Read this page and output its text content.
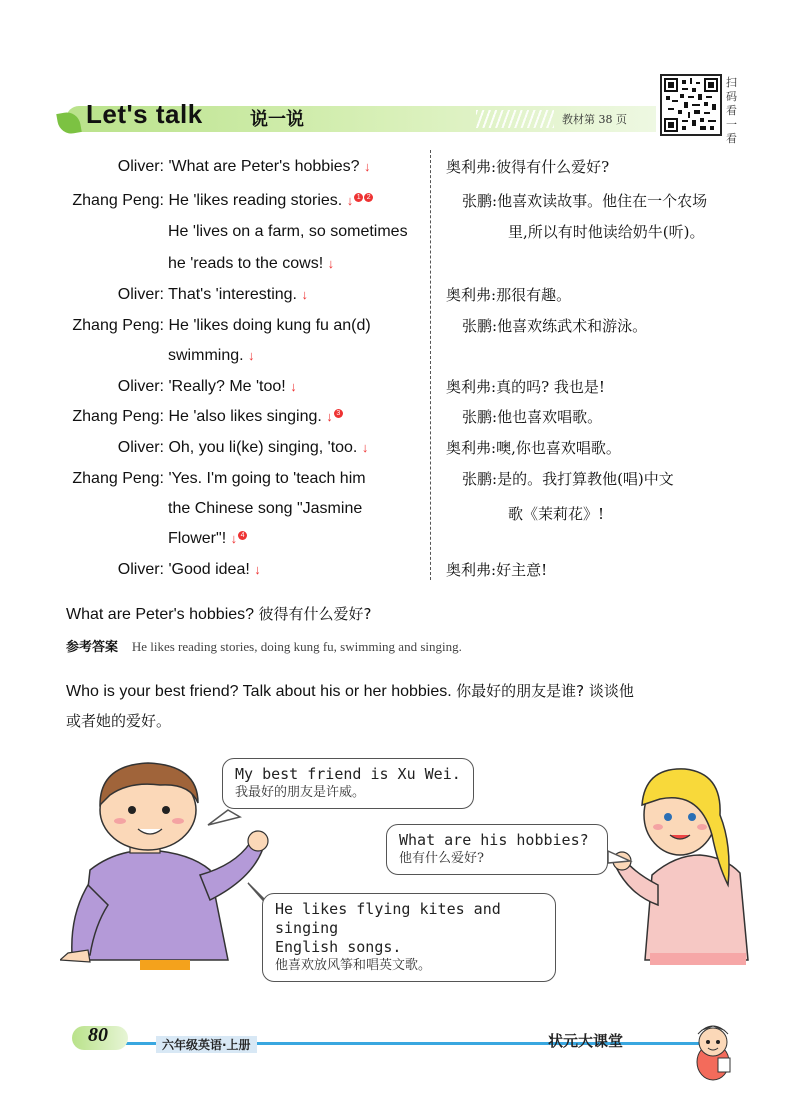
Let's talk	说一说	教材第 38 页
扫码看一看
Oliver: 'What are Peter's hobbies? ↓
Zhang Peng: He 'likes reading stories. ↓ 1 2
He 'lives on a farm, so sometimes
he 'reads to the cows! ↓
Oliver: That's 'interesting. ↓
Zhang Peng: He 'likes doing kung fu an(d)
swimming. ↓
Oliver: 'Really? Me 'too! ↓
Zhang Peng: He 'also likes singing. ↓ 3
Oliver: Oh, you li(ke) singing, 'too. ↓
Zhang Peng: 'Yes. I'm going to 'teach him
the Chinese song "Jasmine
Flower"! ↓ 4
Oliver: 'Good idea! ↓
奥利弗:彼得有什么爱好?
张鹏:他喜欢读故事。他住在一个农场
里,所以有时他读给奶牛(听)。
奥利弗:那很有趣。
张鹏:他喜欢练武术和游泳。
奥利弗:真的吗? 我也是!
张鹏:他也喜欢唱歌。
奥利弗:噢,你也喜欢唱歌。
张鹏:是的。我打算教他(唱)中文
歌《茉莉花》!
奥利弗:好主意!
What are Peter's hobbies? 彼得有什么爱好?
参考答案 He likes reading stories, doing kung fu, swimming and singing.
Who is your best friend? Talk about his or her hobbies. 你最好的朋友是谁? 谈谈他
或者她的爱好。
My best friend is Xu Wei.
我最好的朋友是许威。
What are his hobbies?
他有什么爱好?
He likes flying kites and singing
English songs.
他喜欢放风筝和唱英文歌。
80	六年级英语·上册	状元大课堂
